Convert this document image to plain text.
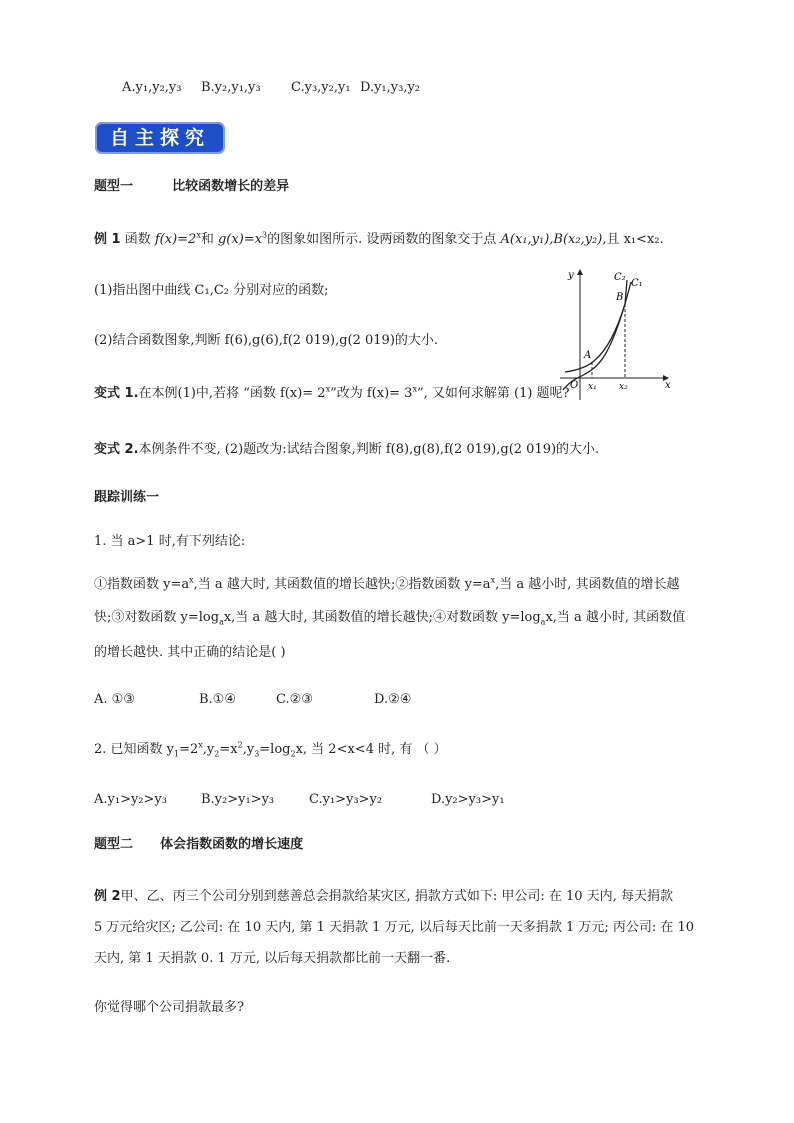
A.y₁,y₂,y₃ B.y₂,y₁,y₃ C.y₃,y₂,y₁ D.y₁,y₃,y₂
自主探究
题型一	比较函数增长的差异
例 1 函数 $f(x)=2^x$和 $g(x)=x^3$的图象如图所示. 设两函数的图象交于点 A(x₁,y₁),B(x₂,y₂),且 x₁<x₂.
(1)指出图中曲线 C₁,C₂ 分别对应的函数;
(2)结合函数图象,判断 f(6),g(6),f(2 019),g(2 019)的大小.
y
x
O
C₂
C₁
B
A
x₁ x₂
变式 1.在本例(1)中,若将 “函数 $f(x)= 2^x$”改为 $f(x)= 3^x$”, 又如何求解第 (1) 题呢?
变式 2.本例条件不变, (2)题改为:试结合图象,判断 f(8),g(8),f(2 019),g(2 019)的大小.
跟踪训练一
1. 当 a>1 时,有下列结论:
①指数函数 $y=a^x$,当 a 越大时, 其函数值的增长越快;②指数函数 $y=a^x$,当 a 越小时, 其函数值的增长越
快;③对数函数 $y=\log_ax$,当 a 越大时, 其函数值的增长越快;④对数函数 $y=\log_ax$,当 a 越小时, 其函数值
的增长越快. 其中正确的结论是( )
A. ①③	B.①④	C.②③	D.②④
2. 已知函数 $y_1=2^x,y_2=x^2,y_3=\log_2x$, 当 2<x<4 时, 有 （ ）
A.y₁>y₂>y₃	B.y₂>y₁>y₃	C.y₁>y₃>y₂	D.y₂>y₃>y₁
题型二 体会指数函数的增长速度
例 2甲、乙、丙三个公司分别到慈善总会捐款给某灾区, 捐款方式如下: 甲公司: 在 10 天内, 每天捐款
5 万元给灾区; 乙公司: 在 10 天内, 第 1 天捐款 1 万元, 以后每天比前一天多捐款 1 万元; 丙公司: 在 10
天内, 第 1 天捐款 0. 1 万元, 以后每天捐款都比前一天翻一番.
你觉得哪个公司捐款最多?
